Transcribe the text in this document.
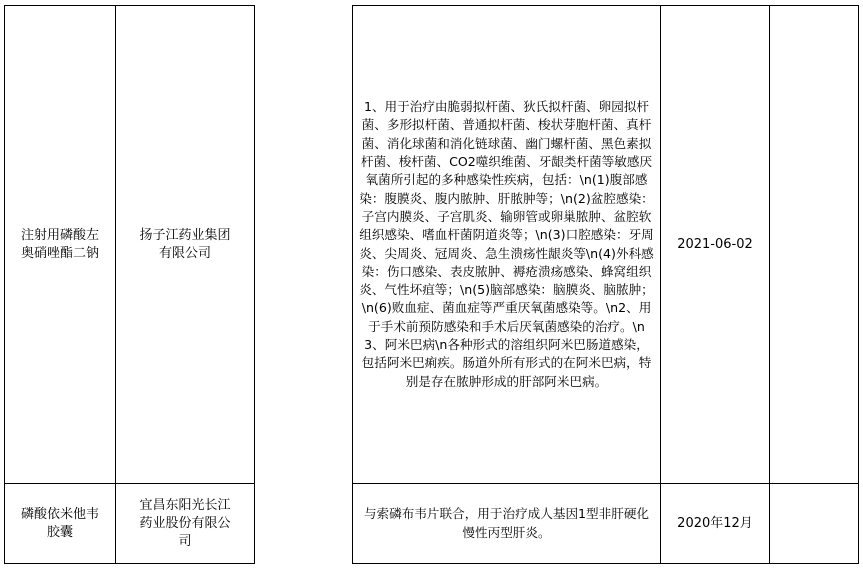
注射用磷酸左奥硝唑酯二钠
扬子江药业集团有限公司
1、用于治疗由脆弱拟杆菌、狄氏拟杆菌、卵园拟杆菌、多形拟杆菌、普通拟杆菌、梭状芽胞杆菌、真杆菌、消化球菌和消化链球菌、幽门螺杆菌、黑色素拟杆菌、梭杆菌、CO2噬织维菌、牙龈类杆菌等敏感厌氧菌所引起的多种感染性疾病，包括：\n(1)腹部感染：腹膜炎、腹内脓肿、肝脓肿等；\n(2)盆腔感染：子宫内膜炎、子宫肌炎、输卵管或卵巢脓肿、盆腔软组织感染、嗜血杆菌阴道炎等；\n(3)口腔感染：牙周炎、尖周炎、冠周炎、急生溃疡性龈炎等\n(4)外科感染：伤口感染、表皮脓肿、褥疮溃疡感染、蜂窝组织炎、气性坏疽等；\n(5)脑部感染：脑膜炎、脑脓肿；\n(6)败血症、菌血症等严重厌氧菌感染等。\n2、用于手术前预防感染和手术后厌氧菌感染的治疗。\n3、阿米巴病\n各种形式的溶组织阿米巴肠道感染，包括阿米巴痢疾。肠道外所有形式的在阿米巴病，特别是存在脓肿形成的肝部阿米巴病。
2021-06-02
磷酸依米他韦胶囊
宜昌东阳光长江药业股份有限公司
与索磷布韦片联合，用于治疗成人基因1型非肝硬化慢性丙型肝炎。
2020年12月
